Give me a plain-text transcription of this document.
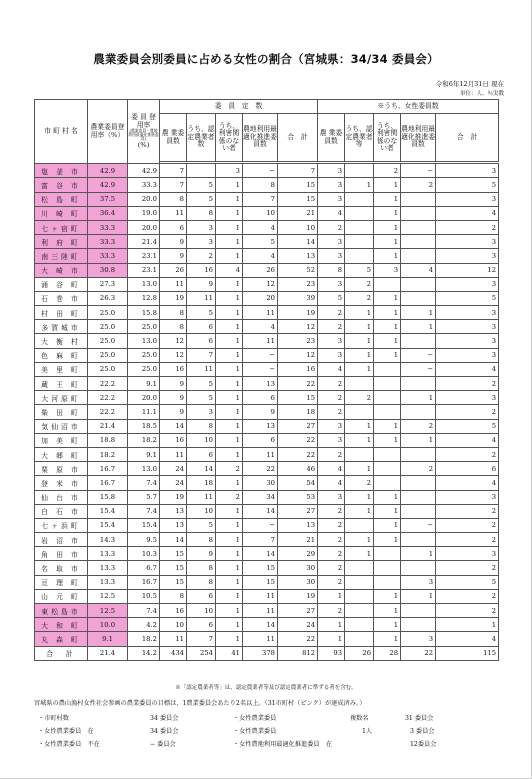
農業委員会別委員に占める女性の割合（宮城県：34/34 委員会）
令和6年12月31日 現在
単位：人、％実数
市 町 村 名	農業委員登用率（%）	委 員 登用率
(農業委員・農地利用最適化推進委員)
(%)	委　員　定　数					※うち、女性委員数				
			農 業委員数	うち、認定農業者数	うち、利害関係のない者	農地利用最適化推進委員数	合　計	農 業委員数	うち、認定農業者等	うち、利害関係のない者	農地利用最適化推進委員数	合　計

塩 釜 市	42.9	42.9	7		3	−	7	3		2	−	3
富 谷 市	42.9	33.3	7	5	1	8	15	3	1	1	2	5
松 島 町	37.5	20.0	8	5	1	7	15	3		1		3
川 崎 町	36.4	19.0	11	8	1	10	21	4		1		4
七ヶ宿町	33.3	20.0	6	3	1	4	10	2		1		2
利 府 町	33.3	21.4	9	3	1	5	14	3		1		3
南三陸町	33.3	23.1	9	2	1	4	13	3		1		3
大 崎 市	30.8	23.1	26	16	4	26	52	8	5	3	4	12
涌 谷 町	27.3	13.0	11	9	1	12	23	3	2			3
石 巻 市	26.3	12.8	19	11	1	20	39	5	2	1		5
村 田 町	25.0	15.8	8	5	1	11	19	2	1	1	1	3
多賀城市	25.0	25.0	8	6	1	4	12	2	1	1	1	3
大 衡 村	25.0	13.0	12	6	1	11	23	3	1	1		3
色 麻 町	25.0	25.0	12	7	1	−	12	3	1	1	−	3
美 里 町	25.0	25.0	16	11	1	−	16	4	1		−	4
蔵 王 町	22.2	9.1	9	5	1	13	22	2				2
大河原町	22.2	20.0	9	5	1	6	15	2	2		1	3
柴 田 町	22.2	11.1	9	3	1	9	18	2				2
気仙沼市	21.4	18.5	14	8	1	13	27	3	1	1	2	5
加 美 町	18.8	18.2	16	10	1	6	22	3	1	1	1	4
大 郷 町	18.2	9.1	11	6	1	11	22	2				2
栗 原 市	16.7	13.0	24	14	2	22	46	4	1		2	6
登 米 市	16.7	7.4	24	18	1	30	54	4	2			4
仙 台 市	15.8	5.7	19	11	2	34	53	3	1	1		3
白 石 市	15.4	7.4	13	10	1	14	27	2	1	1		2
七ヶ浜町	15.4	15.4	13	5	1	−	13	2		1	−	2
岩 沼 市	14.3	9.5	14	8	1	7	21	2	1	1		2
角 田 市	13.3	10.3	15	9	1	14	29	2	1		1	3
名 取 市	13.3	6.7	15	8	1	15	30	2				2
亘 理 町	13.3	16.7	15	8	1	15	30	2			3	5
山 元 町	12.5	10.5	8	6	1	11	19	1		1	1	2
東松島市	12.5	7.4	16	10	1	11	27	2		1		2
大 和 町	10.0	4.2	10	6	1	14	24	1		1		1
丸 森 町	9.1	18.2	11	7	1	11	22	1		1	3	4
合　計	21.4	14.2	434	254	41	378	812	93	26	28	22	115
※「認定農業者等」は、認定農業者等及び認定農業者に準ずる者を含む。
宮城県の農山漁村女性社会参画の農業委員の目標は，1農業委員会あたり2名以上。（31市町村（ピンク）が達成済み。）
・市町村数	34 委員会	・女性農業委員	複数名	31 委員会
・女性農業委員　在	34 委員会	・女性農業委員	1人	3 委員会
・女性農業委員　不在	− 委員会	・女性農地利用最適化推進委員　在	12委員会
